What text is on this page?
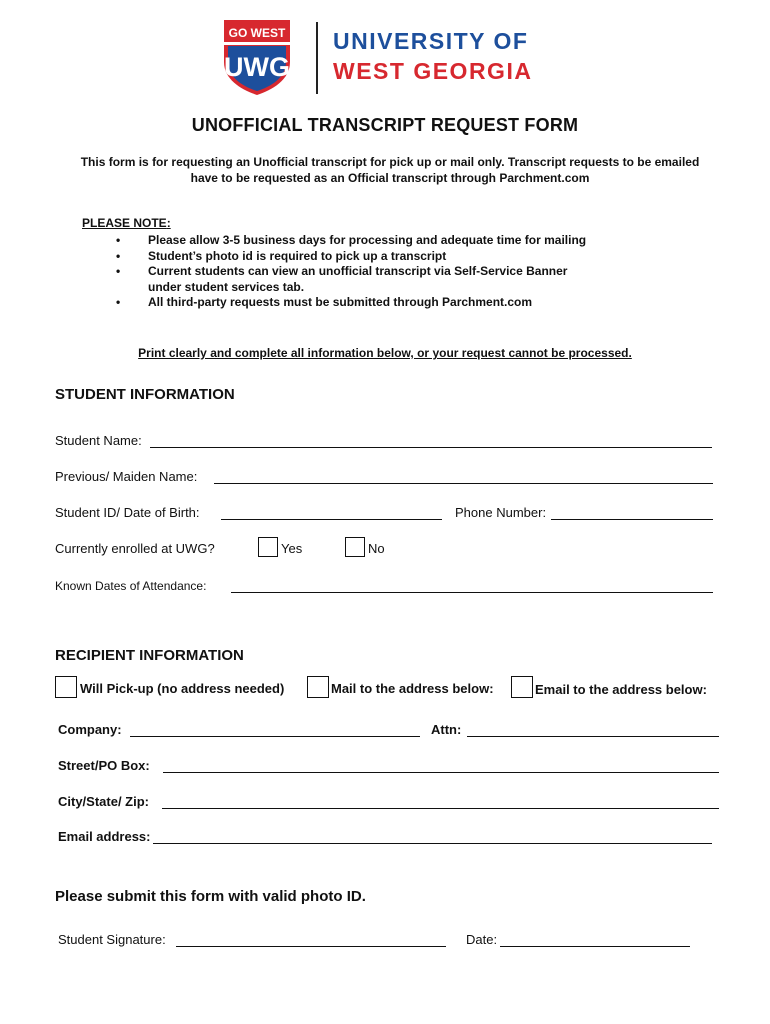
GO WEST
UWG
UNIVERSITY OF
WEST GEORGIA
UNOFFICIAL TRANSCRIPT REQUEST FORM
This form is for requesting an Unofficial transcript for pick up or mail only. Transcript requests to be emailed
have to be requested as an Official transcript through Parchment.com
PLEASE NOTE:
• Please allow 3-5 business days for processing and adequate time for mailing
• Student’s photo id is required to pick up a transcript
• Current students can view an unofficial transcript via Self-Service Banner under student services tab.
• All third-party requests must be submitted through Parchment.com
Print clearly and complete all information below, or your request cannot be processed.
STUDENT INFORMATION
Student Name:
Previous/ Maiden Name:
Student ID/ Date of Birth:	Phone Number:
Currently enrolled at UWG?	Yes	No
Known Dates of Attendance:
RECIPIENT INFORMATION
Will Pick-up (no address needed)	Mail to the address below:	Email to the address below:
Company:	Attn:
Street/PO Box:
City/State/ Zip:
Email address:
Please submit this form with valid photo ID.
Student Signature:	Date:
